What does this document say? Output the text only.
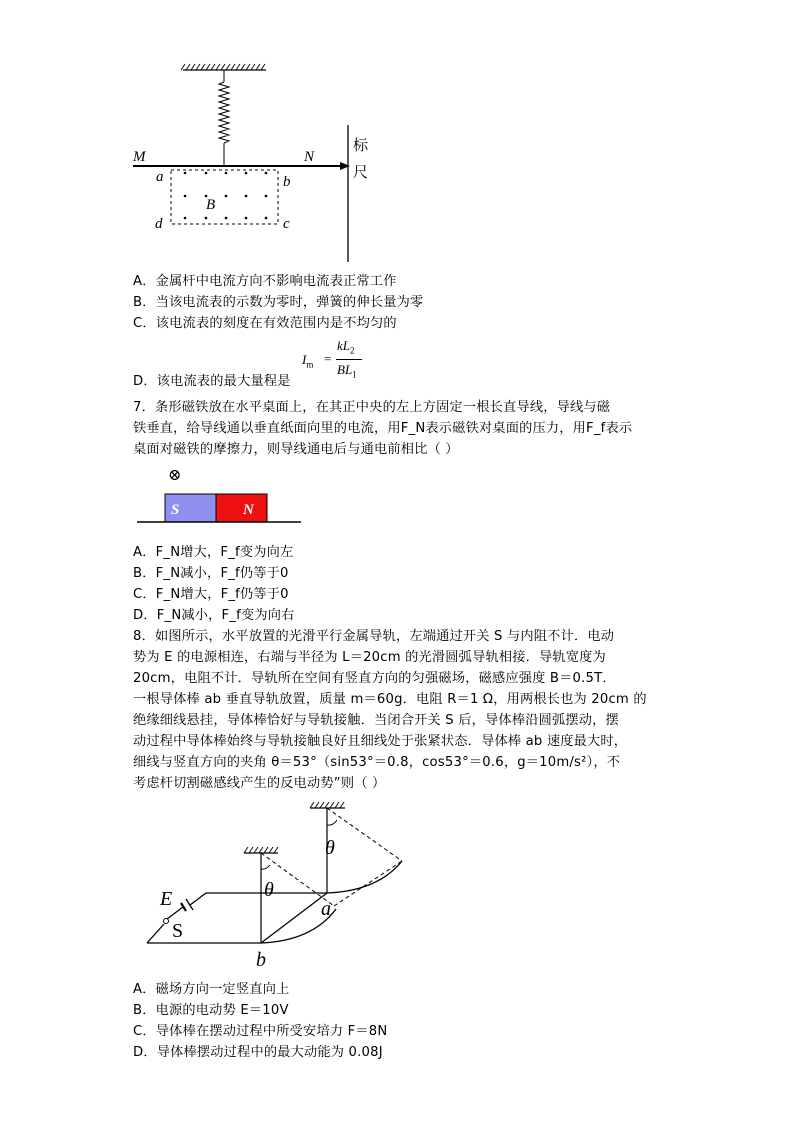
M	N
a	b
d	c
B
标
尺
A．金属杆中电流方向不影响电流表正常工作
B．当该电流表的示数为零时，弹簧的伸长量为零
C．该电流表的刻度在有效范围内是不均匀的
D．该电流表的最大量程是
$I_m$ =
$kL_2$
$BL_1$
7．条形磁铁放在水平桌面上，在其正中央的左上方固定一根长直导线，导线与磁
铁垂直，给导线通以垂直纸面向里的电流，用F_N表示磁铁对桌面的压力，用F_f表示
桌面对磁铁的摩擦力，则导线通电后与通电前相比（ ）
⊗
S	N
A．F_N增大，F_f变为向左
B．F_N减小，F_f仍等于0
C．F_N增大，F_f仍等于0
D．F_N减小，F_f变为向右
8．如图所示，水平放置的光滑平行金属导轨，左端通过开关 S 与内阻不计．电动
势为 E 的电源相连，右端与半径为 L＝20cm 的光滑圆弧导轨相接．导轨宽度为
20cm，电阻不计．导轨所在空间有竖直方向的匀强磁场，磁感应强度 B＝0.5T．
一根导体棒 ab 垂直导轨放置，质量 m＝60g．电阻 R＝1 Ω，用两根长也为 20cm 的
绝缘细线悬挂，导体棒恰好与导轨接触．当闭合开关 S 后，导体棒沿圆弧摆动，摆
动过程中导体棒始终与导轨接触良好且细线处于张紧状态．导体棒 ab 速度最大时，
细线与竖直方向的夹角 θ＝53°（sin53°＝0.8，cos53°＝0.6，g＝10m/s²），不
考虑杆切割磁感线产生的反电动势”则（ ）
E
S
a
b
θ
θ
A．磁场方向一定竖直向上
B．电源的电动势 E＝10V
C．导体棒在摆动过程中所受安培力 F＝8N
D．导体棒摆动过程中的最大动能为 0.08J
